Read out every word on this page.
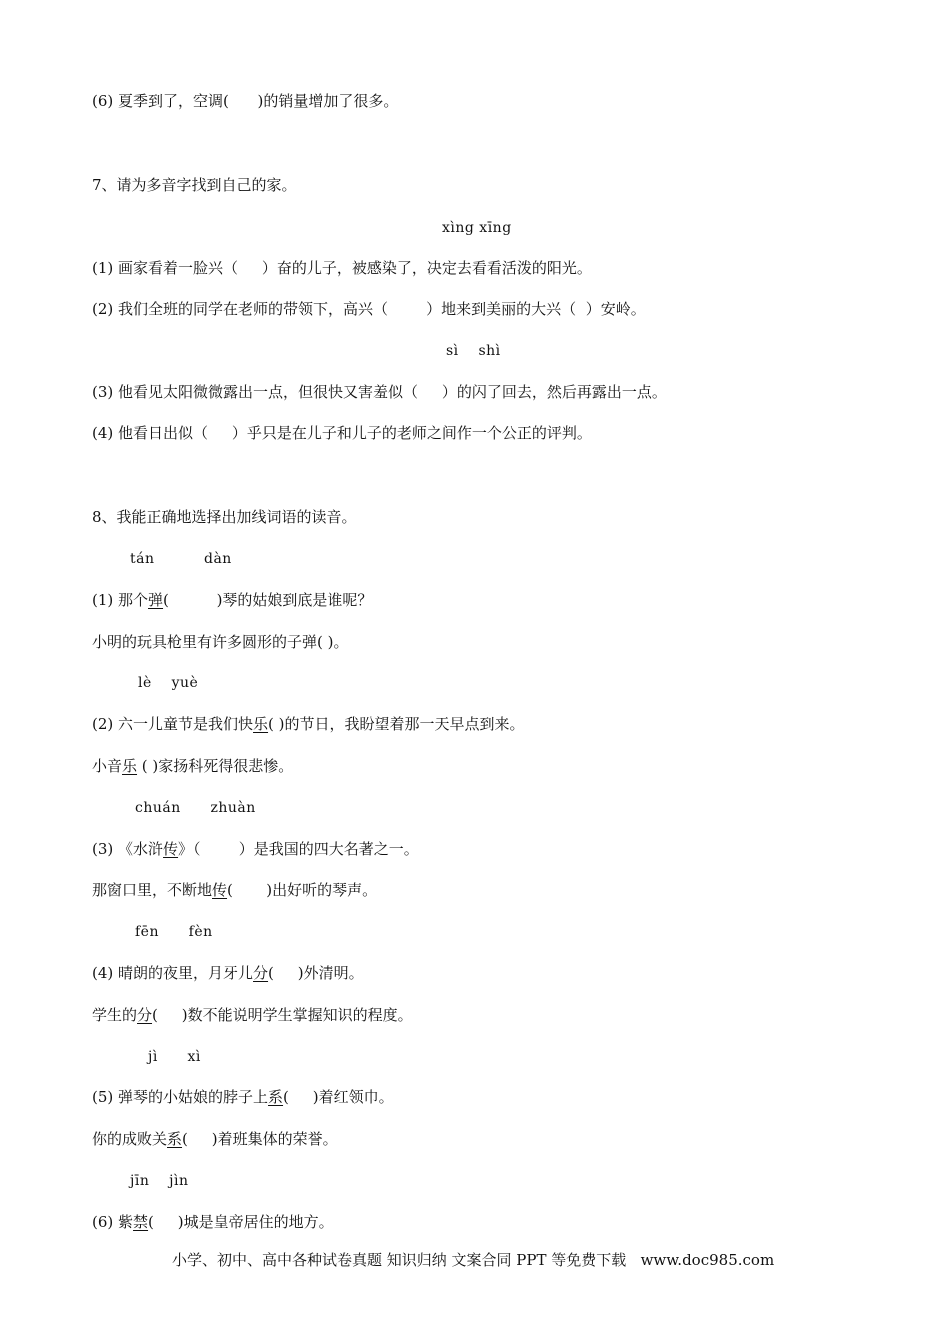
(6) 夏季到了，空调(      )的销量增加了很多。
7、请为多音字找到自己的家。
xìng xīng
(1) 画家看着一脸兴（     ）奋的儿子，被感染了，决定去看看活泼的阳光。
(2) 我们全班的同学在老师的带领下，高兴（        ）地来到美丽的大兴（  ）安岭。
sì    shì
(3) 他看见太阳微微露出一点，但很快又害羞似（     ）的闪了回去，然后再露出一点。
(4) 他看日出似（     ）乎只是在儿子和儿子的老师之间作一个公正的评判。
8、我能正确地选择出加线词语的读音。
tán          dàn
(1) 那个弹(          )琴的姑娘到底是谁呢？
小明的玩具枪里有许多圆形的子弹( )。
lè    yuè
(2) 六一儿童节是我们快乐( )的节日，我盼望着那一天早点到来。
小音乐 ( )家扬科死得很悲惨。
chuán      zhuàn
(3) 《水浒传》（        ）是我国的四大名著之一。
那窗口里，不断地传(       )出好听的琴声。
fēn      fèn
(4) 晴朗的夜里，月牙儿分(     )外清明。
学生的分(     )数不能说明学生掌握知识的程度。
jì      xì
(5) 弹琴的小姑娘的脖子上系(     )着红领巾。
你的成败关系(     )着班集体的荣誉。
jīn    jìn
(6) 紫禁(     )城是皇帝居住的地方。
小学、初中、高中各种试卷真题 知识归纳 文案合同 PPT 等免费下载   www.doc985.com
